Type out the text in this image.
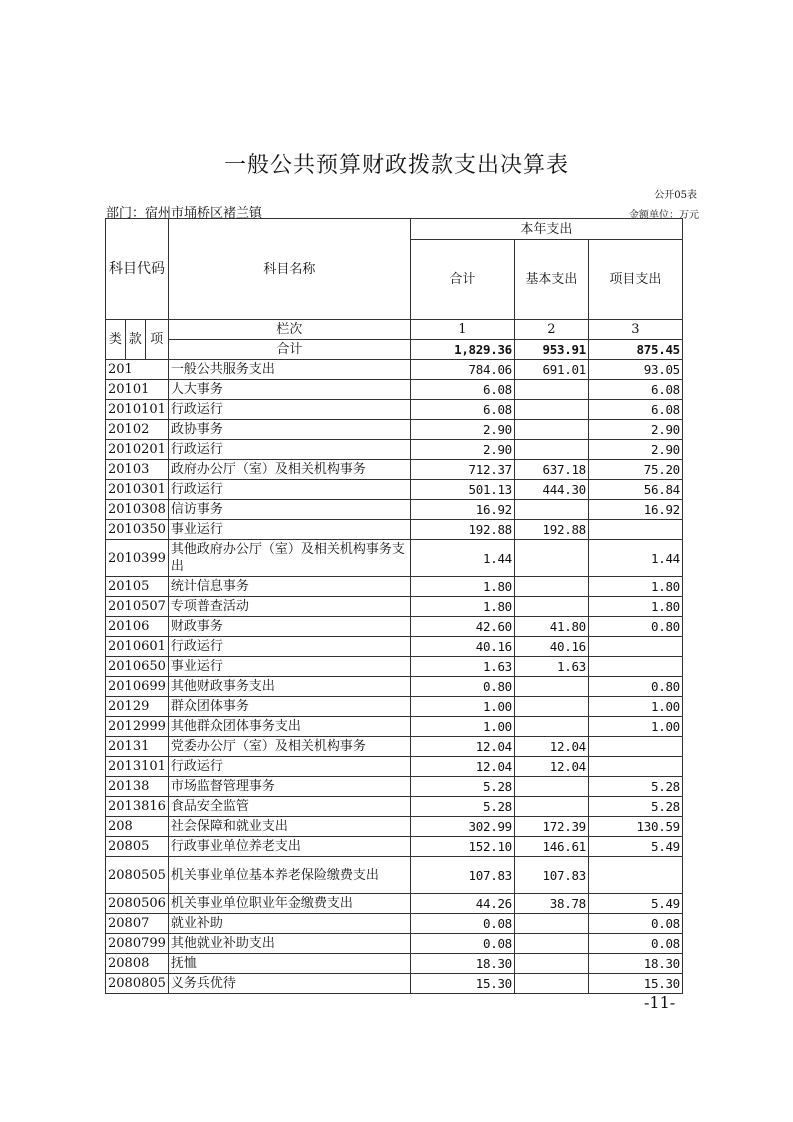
一般公共预算财政拨款支出决算表
公开05表
部门：宿州市埇桥区褚兰镇	金额单位：万元
科目代码			科目名称	本年支出		
				合计	基本支出	项目支出
类	款	项	栏次	1	2	3
			合计	1,829.36	953.91	875.45
201			一般公共服务支出	784.06	691.01	93.05
20101			人大事务	6.08		6.08
2010101			行政运行	6.08		6.08
20102			政协事务	2.90		2.90
2010201			行政运行	2.90		2.90
20103			政府办公厅（室）及相关机构事务	712.37	637.18	75.20
2010301			行政运行	501.13	444.30	56.84
2010308			信访事务	16.92		16.92
2010350			事业运行	192.88	192.88	
2010399			其他政府办公厅（室）及相关机构事务支出	1.44		1.44
20105			统计信息事务	1.80		1.80
2010507			专项普查活动	1.80		1.80
20106			财政事务	42.60	41.80	0.80
2010601			行政运行	40.16	40.16	
2010650			事业运行	1.63	1.63	
2010699			其他财政事务支出	0.80		0.80
20129			群众团体事务	1.00		1.00
2012999			其他群众团体事务支出	1.00		1.00
20131			党委办公厅（室）及相关机构事务	12.04	12.04	
2013101			行政运行	12.04	12.04	
20138			市场监督管理事务	5.28		5.28
2013816			食品安全监管	5.28		5.28
208			社会保障和就业支出	302.99	172.39	130.59
20805			行政事业单位养老支出	152.10	146.61	5.49
2080505			机关事业单位基本养老保险缴费支出	107.83	107.83	
2080506			机关事业单位职业年金缴费支出	44.26	38.78	5.49
20807			就业补助	0.08		0.08
2080799			其他就业补助支出	0.08		0.08
20808			抚恤	18.30		18.30
2080805			义务兵优待	15.30		15.30
-11-
